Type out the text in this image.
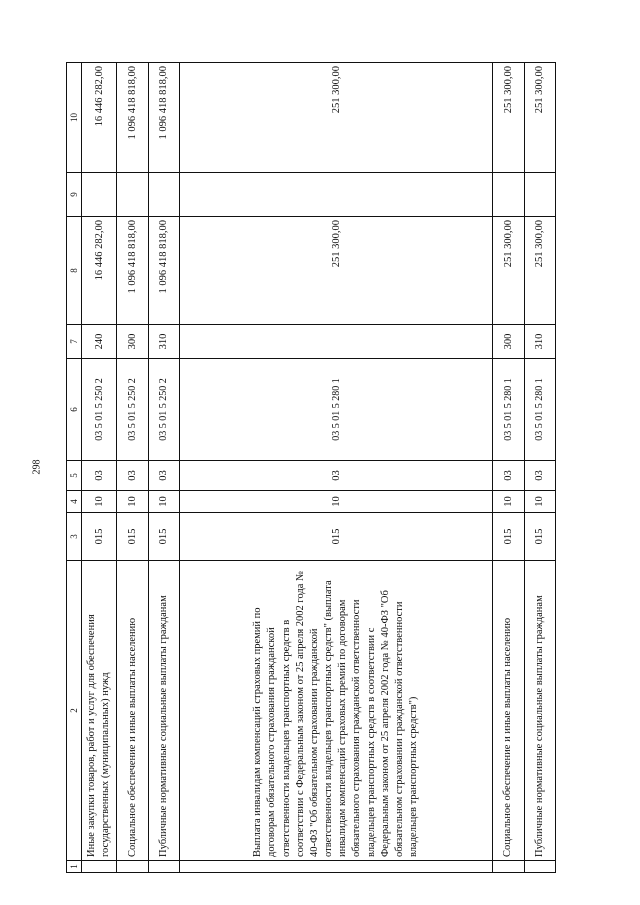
298
1	2	3	4	5	6	7	8	9	10
	Иные закупки товаров, работ и услуг для обеспечения государственных (муниципальных) нужд	015	10	03	03 5 01 5 250 2	240	16 446 282,00		16 446 282,00
	Социальное обеспечение и иные выплаты населению	015	10	03	03 5 01 5 250 2	300	1 096 418 818,00		1 096 418 818,00
	Публичные нормативные социальные выплаты гражданам	015	10	03	03 5 01 5 250 2	310	1 096 418 818,00		1 096 418 818,00
	Выплата инвалидам компенсаций страховых премий по договорам обязательного страхования гражданской ответственности владельцев транспортных средств в соответствии с Федеральным законом от 25 апреля 2002 года № 40-ФЗ "Об обязательном страховании гражданской ответственности владельцев транспортных средств" (выплата инвалидам компенсаций страховых премий по договорам обязательного страхования гражданской ответственности владельцев транспортных средств в соответствии с Федеральным законом от 25 апреля 2002 года № 40-ФЗ "Об обязательном страховании гражданской ответственности владельцев транспортных средств")	015	10	03	03 5 01 5 280 1		251 300,00		251 300,00
	Социальное обеспечение и иные выплаты населению	015	10	03	03 5 01 5 280 1	300	251 300,00		251 300,00
	Публичные нормативные социальные выплаты гражданам	015	10	03	03 5 01 5 280 1	310	251 300,00		251 300,00
